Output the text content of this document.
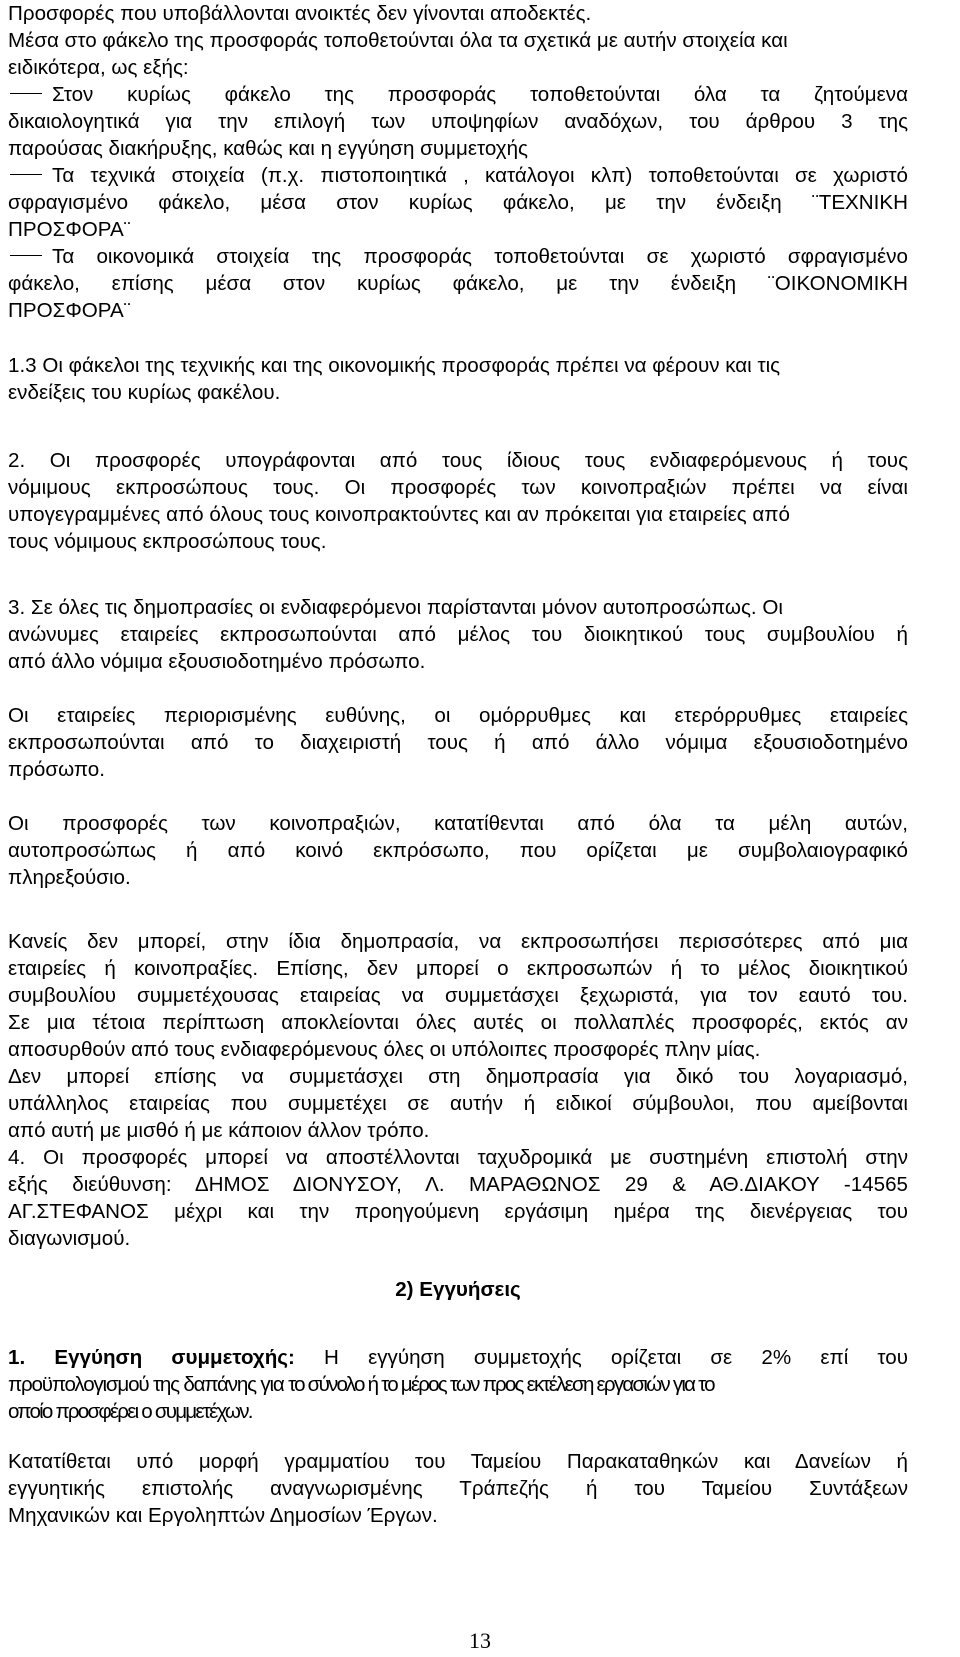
Προσφορές που υποβάλλονται ανοικτές δεν γίνονται αποδεκτές.
Μέσα στο φάκελο της προσφοράς τοποθετούνται όλα τα σχετικά με αυτήν στοιχεία και
ειδικότερα, ως εξής:

Στον κυρίως φάκελο της προσφοράς τοποθετούνται όλα τα ζητούμενα
δικαιολογητικά για την επιλογή των υποψηφίων αναδόχων, του άρθρου 3 της
παρούσας διακήρυξης, καθώς και η εγγύηση συμμετοχής

Τα τεχνικά στοιχεία (π.χ. πιστοποιητικά , κατάλογοι κλπ) τοποθετούνται σε χωριστό
σφραγισμένο φάκελο, μέσα στον κυρίως φάκελο, με την ένδειξη ¨ΤΕΧΝΙΚΗ
ΠΡΟΣΦΟΡΑ¨

Τα οικονομικά στοιχεία της προσφοράς τοποθετούνται σε χωριστό σφραγισμένο
φάκελο, επίσης μέσα στον κυρίως φάκελο, με την ένδειξη ¨ΟΙΚΟΝΟΜΙΚΗ
ΠΡΟΣΦΟΡΑ¨

1.3 Οι φάκελοι της τεχνικής και της οικονομικής προσφοράς πρέπει να φέρουν και τις
ενδείξεις του κυρίως φακέλου.

2. Οι προσφορές υπογράφονται από τους ίδιους τους ενδιαφερόμενους ή τους
νόμιμους εκπροσώπους τους. Οι προσφορές των κοινοπραξιών πρέπει να είναι
υπογεγραμμένες από όλους τους κοινοπρακτούντες και αν πρόκειται για εταιρείες από
τους νόμιμους εκπροσώπους τους.

3. Σε όλες τις δημοπρασίες οι ενδιαφερόμενοι παρίστανται μόνον αυτοπροσώπως. Οι
ανώνυμες εταιρείες εκπροσωπούνται από μέλος του διοικητικού τους συμβουλίου ή
από άλλο νόμιμα εξουσιοδοτημένο πρόσωπο.

Οι εταιρείες περιορισμένης ευθύνης, οι ομόρρυθμες και ετερόρρυθμες εταιρείες
εκπροσωπούνται από το διαχειριστή τους ή από άλλο νόμιμα εξουσιοδοτημένο
πρόσωπο.

Οι προσφορές των κοινοπραξιών, κατατίθενται από όλα τα μέλη αυτών,
αυτοπροσώπως ή από κοινό εκπρόσωπο, που ορίζεται με συμβολαιογραφικό
πληρεξούσιο.

Κανείς δεν μπορεί, στην ίδια δημοπρασία, να εκπροσωπήσει περισσότερες από μια
εταιρείες ή κοινοπραξίες. Επίσης, δεν μπορεί ο εκπροσωπών ή το μέλος διοικητικού
συμβουλίου συμμετέχουσας εταιρείας να συμμετάσχει ξεχωριστά, για τον εαυτό του.
Σε μια τέτοια περίπτωση αποκλείονται όλες αυτές οι πολλαπλές προσφορές, εκτός αν
αποσυρθούν από τους ενδιαφερόμενους όλες οι υπόλοιπες προσφορές πλην μίας.
Δεν μπορεί επίσης να συμμετάσχει στη δημοπρασία για δικό του λογαριασμό,
υπάλληλος εταιρείας που συμμετέχει σε αυτήν ή ειδικοί σύμβουλοι, που αμείβονται
από αυτή με μισθό ή με κάποιον άλλον τρόπο.

4. Οι προσφορές μπορεί να αποστέλλονται ταχυδρομικά με συστημένη επιστολή στην
εξής διεύθυνση: ΔΗΜΟΣ ΔΙΟΝΥΣΟΥ, Λ. ΜΑΡΑΘΩΝΟΣ 29 & ΑΘ.ΔΙΑΚΟΥ -14565
ΑΓ.ΣΤΕΦΑΝΟΣ μέχρι και την προηγούμενη εργάσιμη ημέρα της διενέργειας του
διαγωνισμού.

2) Εγγυήσεις

1. Εγγύηση συμμετοχής: Η εγγύηση συμμετοχής ορίζεται σε 2% επί του
προϋπολογισμού της δαπάνης για το σύνολο ή το μέρος των προς εκτέλεση εργασιών για το
οποίο προσφέρει ο συμμετέχων.

Κατατίθεται υπό μορφή γραμματίου του Ταμείου Παρακαταθηκών και Δανείων ή
εγγυητικής επιστολής αναγνωρισμένης Τράπεζής ή του Ταμείου Συντάξεων
Μηχανικών και Εργοληπτών Δημοσίων Έργων.

13
